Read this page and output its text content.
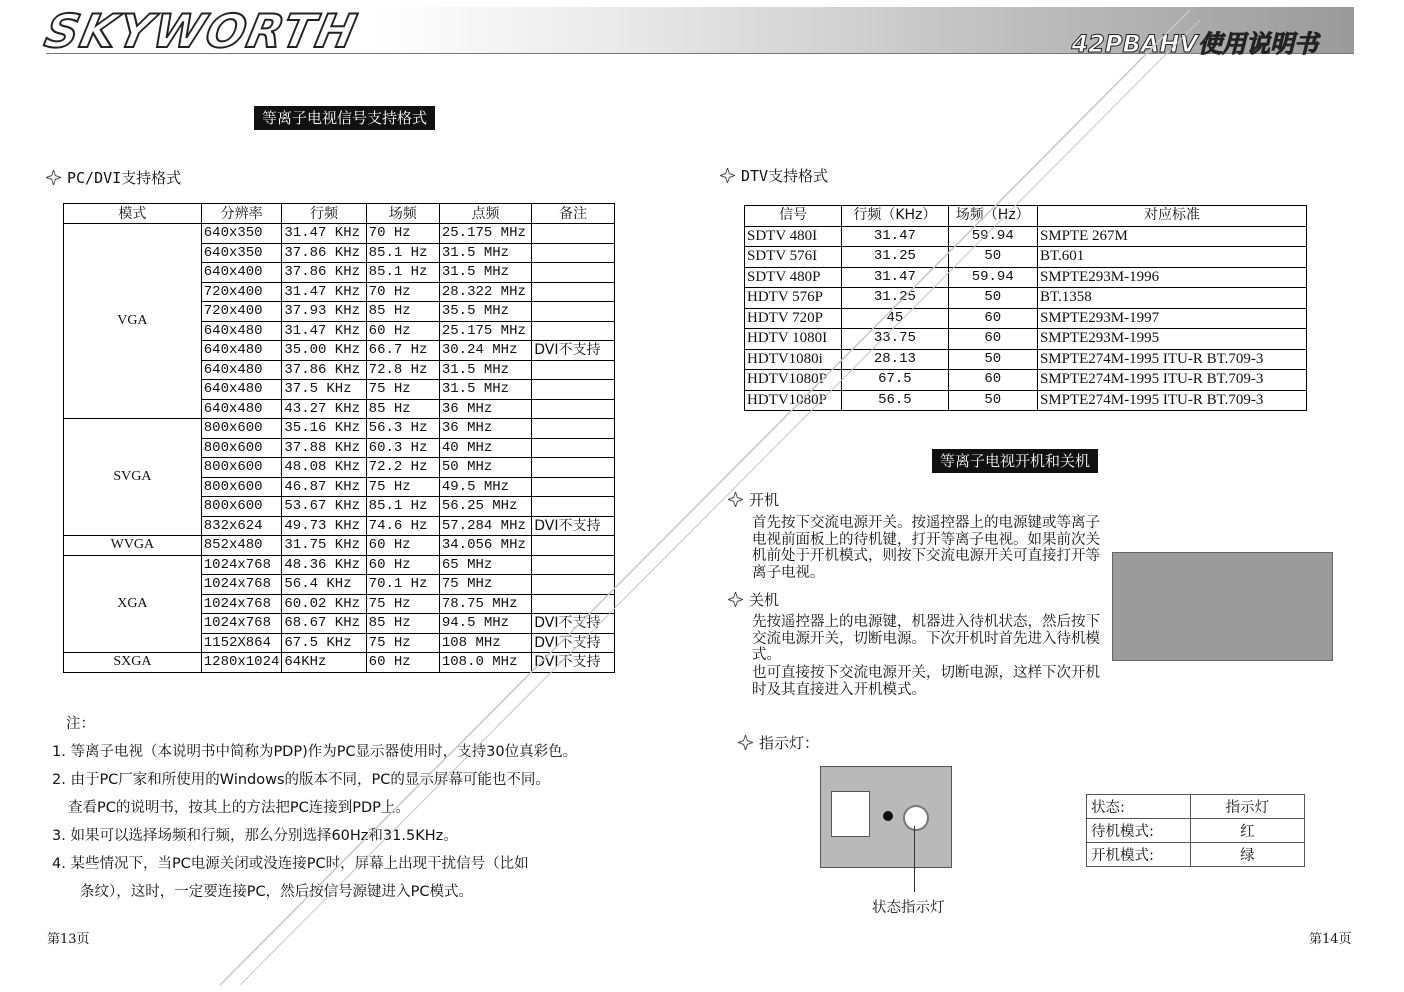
SKYWORTH	42PBAHV使用说明书
等离子电视信号支持格式
PC/DVI支持格式
模式	分辨率	行频	场频	点频	备注
VGA	640x350	31.47 KHz	70 Hz	25.175 MHz	
	640x350	37.86 KHz	85.1 Hz	31.5 MHz	
	640x400	37.86 KHz	85.1 Hz	31.5 MHz	
	720x400	31.47 KHz	70 Hz	28.322 MHz	
	720x400	37.93 KHz	85 Hz	35.5 MHz	
	640x480	31.47 KHz	60 Hz	25.175 MHz	
	640x480	35.00 KHz	66.7 Hz	30.24 MHz	DVI不支持
	640x480	37.86 KHz	72.8 Hz	31.5 MHz	
	640x480	37.5 KHz	75 Hz	31.5 MHz	
	640x480	43.27 KHz	85 Hz	36 MHz	
SVGA	800x600	35.16 KHz	56.3 Hz	36 MHz	
	800x600	37.88 KHz	60.3 Hz	40 MHz	
	800x600	48.08 KHz	72.2 Hz	50 MHz	
	800x600	46.87 KHz	75 Hz	49.5 MHz	
	800x600	53.67 KHz	85.1 Hz	56.25 MHz	
	832x624	49.73 KHz	74.6 Hz	57.284 MHz	DVI不支持
WVGA	852x480	31.75 KHz	60 Hz	34.056 MHz	
XGA	1024x768	48.36 KHz	60 Hz	65 MHz	
	1024x768	56.4 KHz	70.1 Hz	75 MHz	
	1024x768	60.02 KHz	75 Hz	78.75 MHz	
	1024x768	68.67 KHz	85 Hz	94.5 MHz	DVI不支持
	1152X864	67.5 KHz	75 Hz	108 MHz	DVI不支持
SXGA	1280x1024	64KHz	60 Hz	108.0 MHz	DVI不支持
注：
1. 等离子电视（本说明书中简称为PDP)作为PC显示器使用时，支持30位真彩色。
2. 由于PC厂家和所使用的Windows的版本不同，PC的显示屏幕可能也不同。
查看PC的说明书，按其上的方法把PC连接到PDP上。
3. 如果可以选择场频和行频，那么分别选择60Hz和31.5KHz。
4. 某些情况下，当PC电源关闭或没连接PC时，屏幕上出现干扰信号（比如
条纹），这时，一定要连接PC，然后按信号源键进入PC模式。
第13页
DTV支持格式
信号	行频（KHz）	场频（Hz）	对应标准
SDTV 480I	31.47	59.94	SMPTE 267M
SDTV 576I	31.25	50	BT.601
SDTV 480P	31.47	59.94	SMPTE293M-1996
HDTV 576P	31.25	50	BT.1358
HDTV 720P	45	60	SMPTE293M-1997
HDTV 1080I	33.75	60	SMPTE293M-1995
HDTV1080i	28.13	50	SMPTE274M-1995 ITU-R BT.709-3
HDTV1080P	67.5	60	SMPTE274M-1995 ITU-R BT.709-3
HDTV1080P	56.5	50	SMPTE274M-1995 ITU-R BT.709-3
等离子电视开机和关机
开机
首先按下交流电源开关。按遥控器上的电源键或等离子电视前面板上的待机键，打开等离子电视。如果前次关机前处于开机模式，则按下交流电源开关可直接打开等离子电视。
关机
先按遥控器上的电源键，机器进入待机状态，然后按下交流电源开关，切断电源。下次开机时首先进入待机模式。
也可直接按下交流电源开关，切断电源，这样下次开机时及其直接进入开机模式。
指示灯：
状态指示灯
状态:	指示灯
待机模式:	红
开机模式:	绿
第14页
